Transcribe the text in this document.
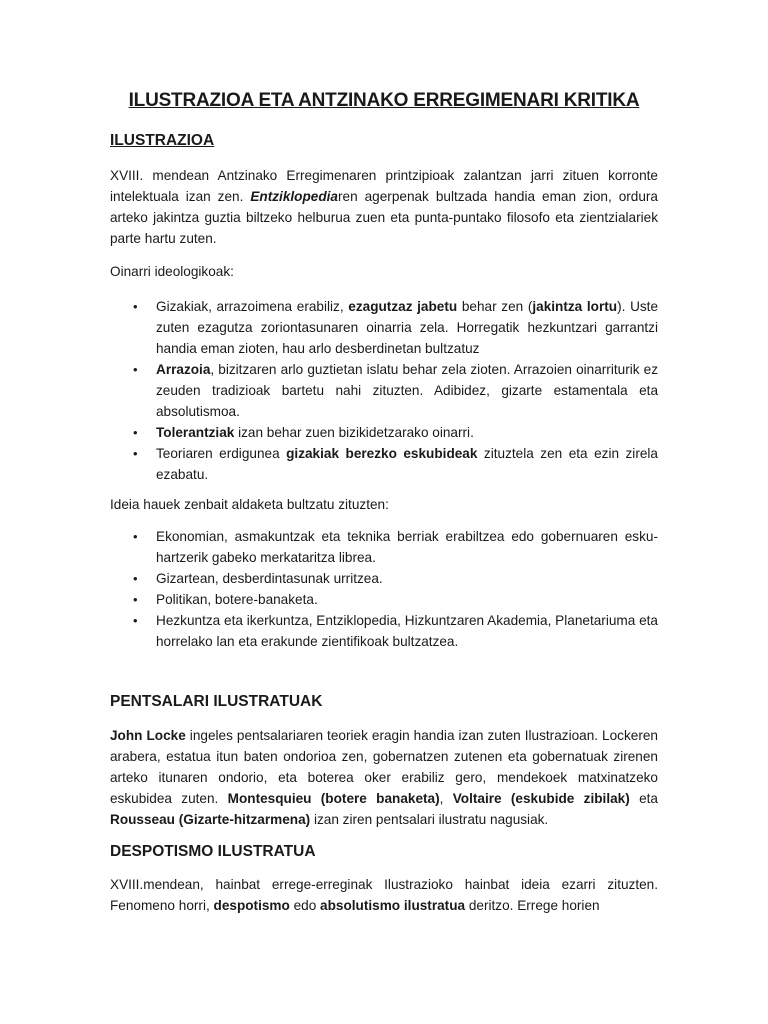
ILUSTRAZIOA ETA ANTZINAKO ERREGIMENARI KRITIKA
ILUSTRAZIOA

XVIII. mendean Antzinako Erregimenaren printzipioak zalantzan jarri zituen korronte intelektuala izan zen. Entziklopediaren agerpenak bultzada handia eman zion, ordura arteko jakintza guztia biltzeko helburua zuen eta punta-puntako filosofo eta zientzialariek parte hartu zuten.

Oinarri ideologikoak:

• Gizakiak, arrazoimena erabiliz, ezagutzaz jabetu behar zen (jakintza lortu). Uste zuten ezagutza zoriontasunaren oinarria zela. Horregatik hezkuntzari garrantzi handia eman zioten, hau arlo desberdinetan bultzatuz
• Arrazoia, bizitzaren arlo guztietan islatu behar zela zioten. Arrazoien oinarriturik ez zeuden tradizioak bartetu nahi zituzten. Adibidez, gizarte estamentala eta absolutismoa.
• Tolerantziak izan behar zuen bizikidetzarako oinarri.
• Teoriaren erdigunea gizakiak berezko eskubideak zituztela zen eta ezin zirela ezabatu.

Ideia hauek zenbait aldaketa bultzatu zituzten:

• Ekonomian, asmakuntzak eta teknika berriak erabiltzea edo gobernuaren esku-hartzerik gabeko merkataritza librea.
• Gizartean, desberdintasunak urritzea.
• Politikan, botere-banaketa.
• Hezkuntza eta ikerkuntza, Entziklopedia, Hizkuntzaren Akademia, Planetariuma eta horrelako lan eta erakunde zientifikoak bultzatzea.
PENTSALARI ILUSTRATUAK

John Locke ingeles pentsalariaren teoriek eragin handia izan zuten Ilustrazioan. Lockeren arabera, estatua itun baten ondorioa zen, gobernatzen zutenen eta gobernatuak zirenen arteko itunaren ondorio, eta boterea oker erabiliz gero, mendekoek matxinatzeko eskubidea zuten. Montesquieu (botere banaketa), Voltaire (eskubide zibilak) eta Rousseau (Gizarte-hitzarmena) izan ziren pentsalari ilustratu nagusiak.

DESPOTISMO ILUSTRATUA

XVIII.mendean, hainbat errege-erreginak Ilustrazioko hainbat ideia ezarri zituzten. Fenomeno horri, despotismo edo absolutismo ilustratua deritzo. Errege horien
